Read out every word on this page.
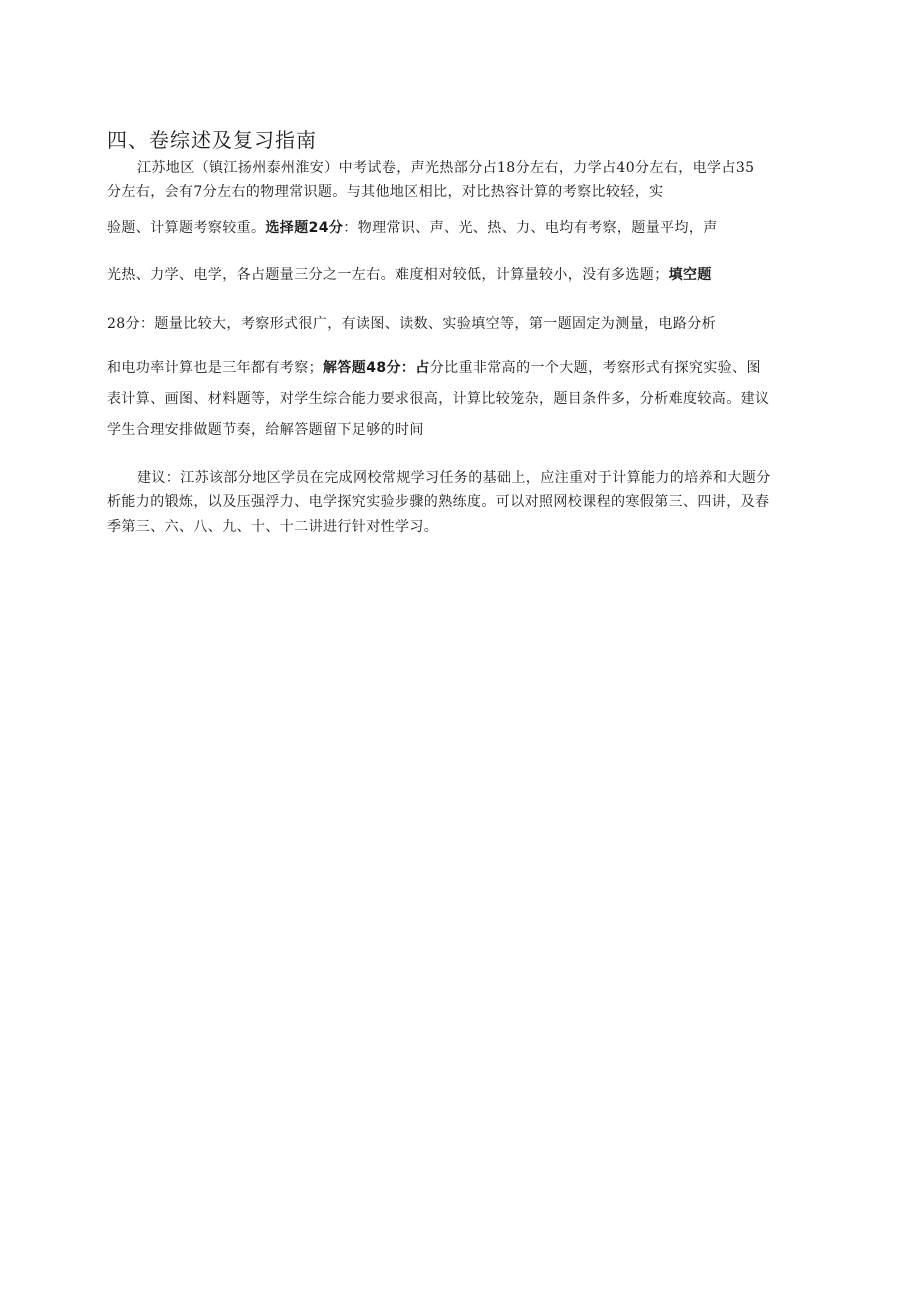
四、卷综述及复习指南
江苏地区（镇江扬州泰州淮安）中考试卷，声光热部分占18分左右，力学占40分左右，电学占35
分左右，会有7分左右的物理常识题。与其他地区相比，对比热容计算的考察比较轻，实
验题、计算题考察较重。选择题24分：物理常识、声、光、热、力、电均有考察，题量平均，声
光热、力学、电学，各占题量三分之一左右。难度相对较低，计算量较小，没有多选题；填空题
28分：题量比较大，考察形式很广，有读图、读数、实验填空等，第一题固定为测量，电路分析
和电功率计算也是三年都有考察；解答题48分：占分比重非常高的一个大题，考察形式有探究实验、图
表计算、画图、材料题等，对学生综合能力要求很高，计算比较笼杂，题目条件多，分析难度较高。建议
学生合理安排做题节奏，给解答题留下足够的时间
建议：江苏该部分地区学员在完成网校常规学习任务的基础上，应注重对于计算能力的培养和大题分
析能力的锻炼，以及压强浮力、电学探究实验步骤的熟练度。可以对照网校课程的寒假第三、四讲，及春
季第三、六、八、九、十、十二讲进行针对性学习。
